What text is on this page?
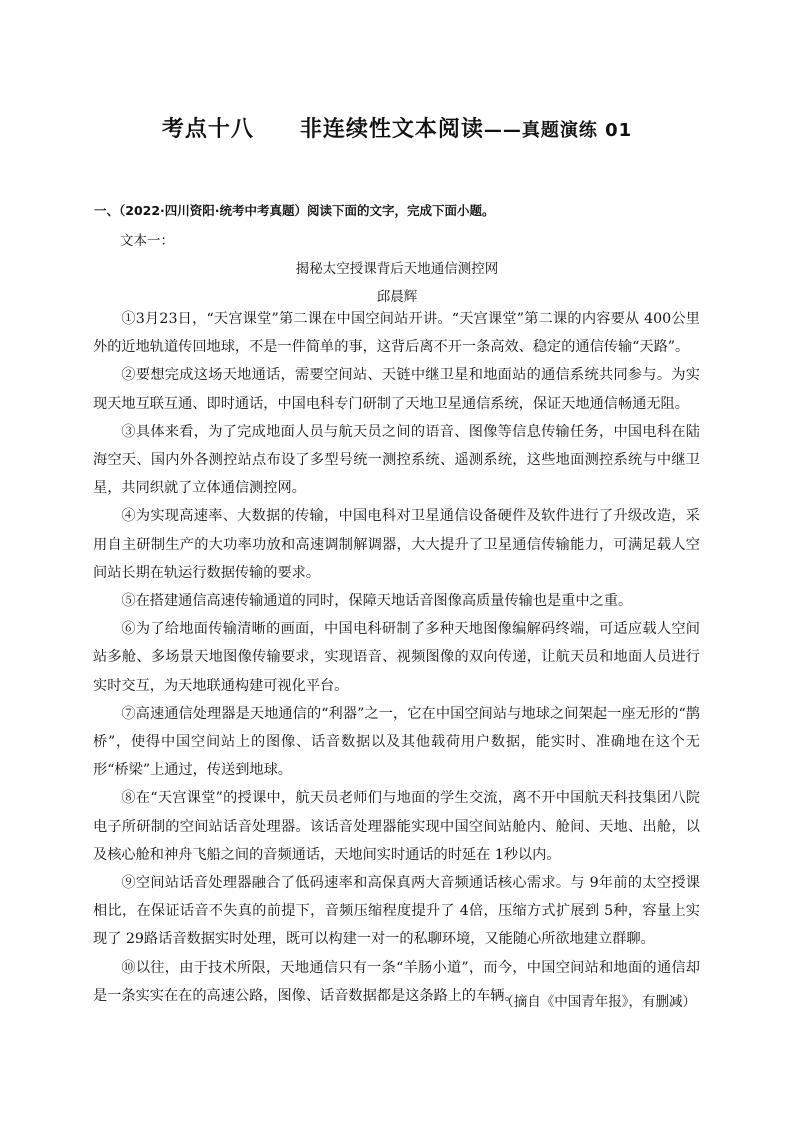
考点十八 非连续性文本阅读——真题演练 01
一、（2022·四川资阳·统考中考真题）阅读下面的文字，完成下面小题。
文本一：
揭秘太空授课背后天地通信测控网
邱晨辉

①3月23日，“天宫课堂”第二课在中国空间站开讲。“天宫课堂”第二课的内容要从 400公里外的近地轨道传回地球，不是一件简单的事，这背后离不开一条高效、稳定的通信传输“天路”。

②要想完成这场天地通话，需要空间站、天链中继卫星和地面站的通信系统共同参与。为实现天地互联互通、即时通话，中国电科专门研制了天地卫星通信系统，保证天地通信畅通无阻。

③具体来看，为了完成地面人员与航天员之间的语音、图像等信息传输任务，中国电科在陆海空天、国内外各测控站点布设了多型号统一测控系统、遥测系统，这些地面测控系统与中继卫星，共同织就了立体通信测控网。

④为实现高速率、大数据的传输，中国电科对卫星通信设备硬件及软件进行了升级改造，采用自主研制生产的大功率功放和高速调制解调器，大大提升了卫星通信传输能力，可满足载人空间站长期在轨运行数据传输的要求。

⑤在搭建通信高速传输通道的同时，保障天地话音图像高质量传输也是重中之重。

⑥为了给地面传输清晰的画面，中国电科研制了多种天地图像编解码终端，可适应载人空间站多舱、多场景天地图像传输要求，实现语音、视频图像的双向传递，让航天员和地面人员进行实时交互，为天地联通构建可视化平台。

⑦高速通信处理器是天地通信的“利器”之一，它在中国空间站与地球之间架起一座无形的“鹊桥”，使得中国空间站上的图像、话音数据以及其他载荷用户数据，能实时、准确地在这个无形“桥梁”上通过，传送到地球。

⑧在“天宫课堂”的授课中，航天员老师们与地面的学生交流，离不开中国航天科技集团八院电子所研制的空间站话音处理器。该话音处理器能实现中国空间站舱内、舱间、天地、出舱，以及核心舱和神舟飞船之间的音频通话，天地间实时通话的时延在 1秒以内。

⑨空间站话音处理器融合了低码速率和高保真两大音频通话核心需求。与 9年前的太空授课相比，在保证话音不失真的前提下，音频压缩程度提升了 4倍，压缩方式扩展到 5种，容量上实现了 29路话音数据实时处理，既可以构建一对一的私聊环境，又能随心所欲地建立群聊。

⑩以往，由于技术所限，天地通信只有一条“羊肠小道”，而今，中国空间站和地面的通信却是一条实实在在的高速公路，图像、话音数据都是这条路上的车辆。

（摘自《中国青年报》，有删减）
